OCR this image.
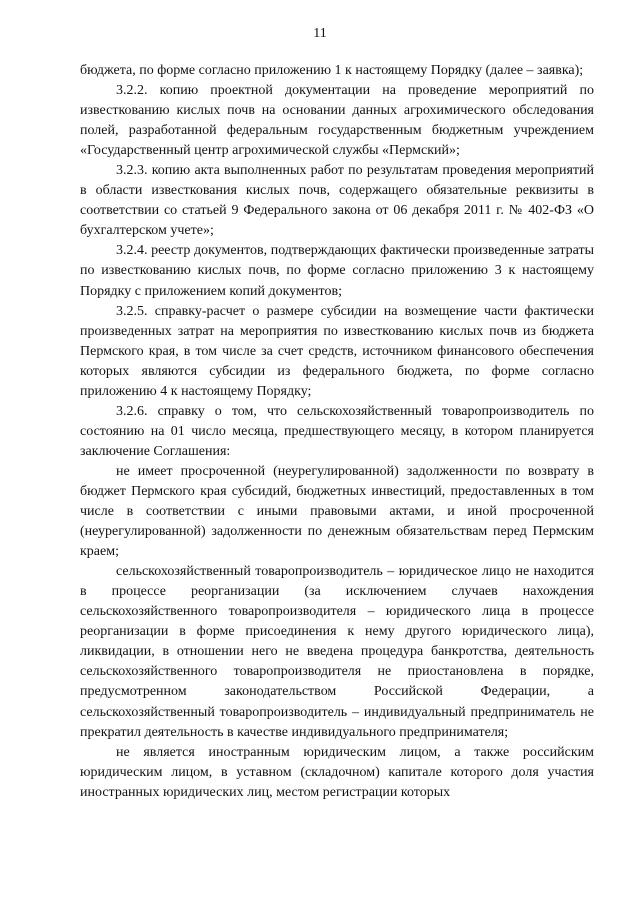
11

бюджета, по форме согласно приложению 1 к настоящему Порядку (далее – заявка);

3.2.2. копию проектной документации на проведение мероприятий по известкованию кислых почв на основании данных агрохимического обследования полей, разработанной федеральным государственным бюджетным учреждением «Государственный центр агрохимической службы «Пермский»;

3.2.3. копию акта выполненных работ по результатам проведения мероприятий в области известкования кислых почв, содержащего обязательные реквизиты в соответствии со статьей 9 Федерального закона от 06 декабря 2011 г. № 402-ФЗ «О бухгалтерском учете»;

3.2.4. реестр документов, подтверждающих фактически произведенные затраты по известкованию кислых почв, по форме согласно приложению 3 к настоящему Порядку с приложением копий документов;

3.2.5. справку-расчет о размере субсидии на возмещение части фактически произведенных затрат на мероприятия по известкованию кислых почв из бюджета Пермского края, в том числе за счет средств, источником финансового обеспечения которых являются субсидии из федерального бюджета, по форме согласно приложению 4 к настоящему Порядку;

3.2.6. справку о том, что сельскохозяйственный товаропроизводитель по состоянию на 01 число месяца, предшествующего месяцу, в котором планируется заключение Соглашения:

не имеет просроченной (неурегулированной) задолженности по возврату в бюджет Пермского края субсидий, бюджетных инвестиций, предоставленных в том числе в соответствии с иными правовыми актами, и иной просроченной (неурегулированной) задолженности по денежным обязательствам перед Пермским краем;

сельскохозяйственный товаропроизводитель – юридическое лицо не находится в процессе реорганизации (за исключением случаев нахождения сельскохозяйственного товаропроизводителя – юридического лица в процессе реорганизации в форме присоединения к нему другого юридического лица), ликвидации, в отношении него не введена процедура банкротства, деятельность сельскохозяйственного товаропроизводителя не приостановлена в порядке, предусмотренном законодательством Российской Федерации, а сельскохозяйственный товаропроизводитель – индивидуальный предприниматель не прекратил деятельность в качестве индивидуального предпринимателя;

не является иностранным юридическим лицом, а также российским юридическим лицом, в уставном (складочном) капитале которого доля участия иностранных юридических лиц, местом регистрации которых
